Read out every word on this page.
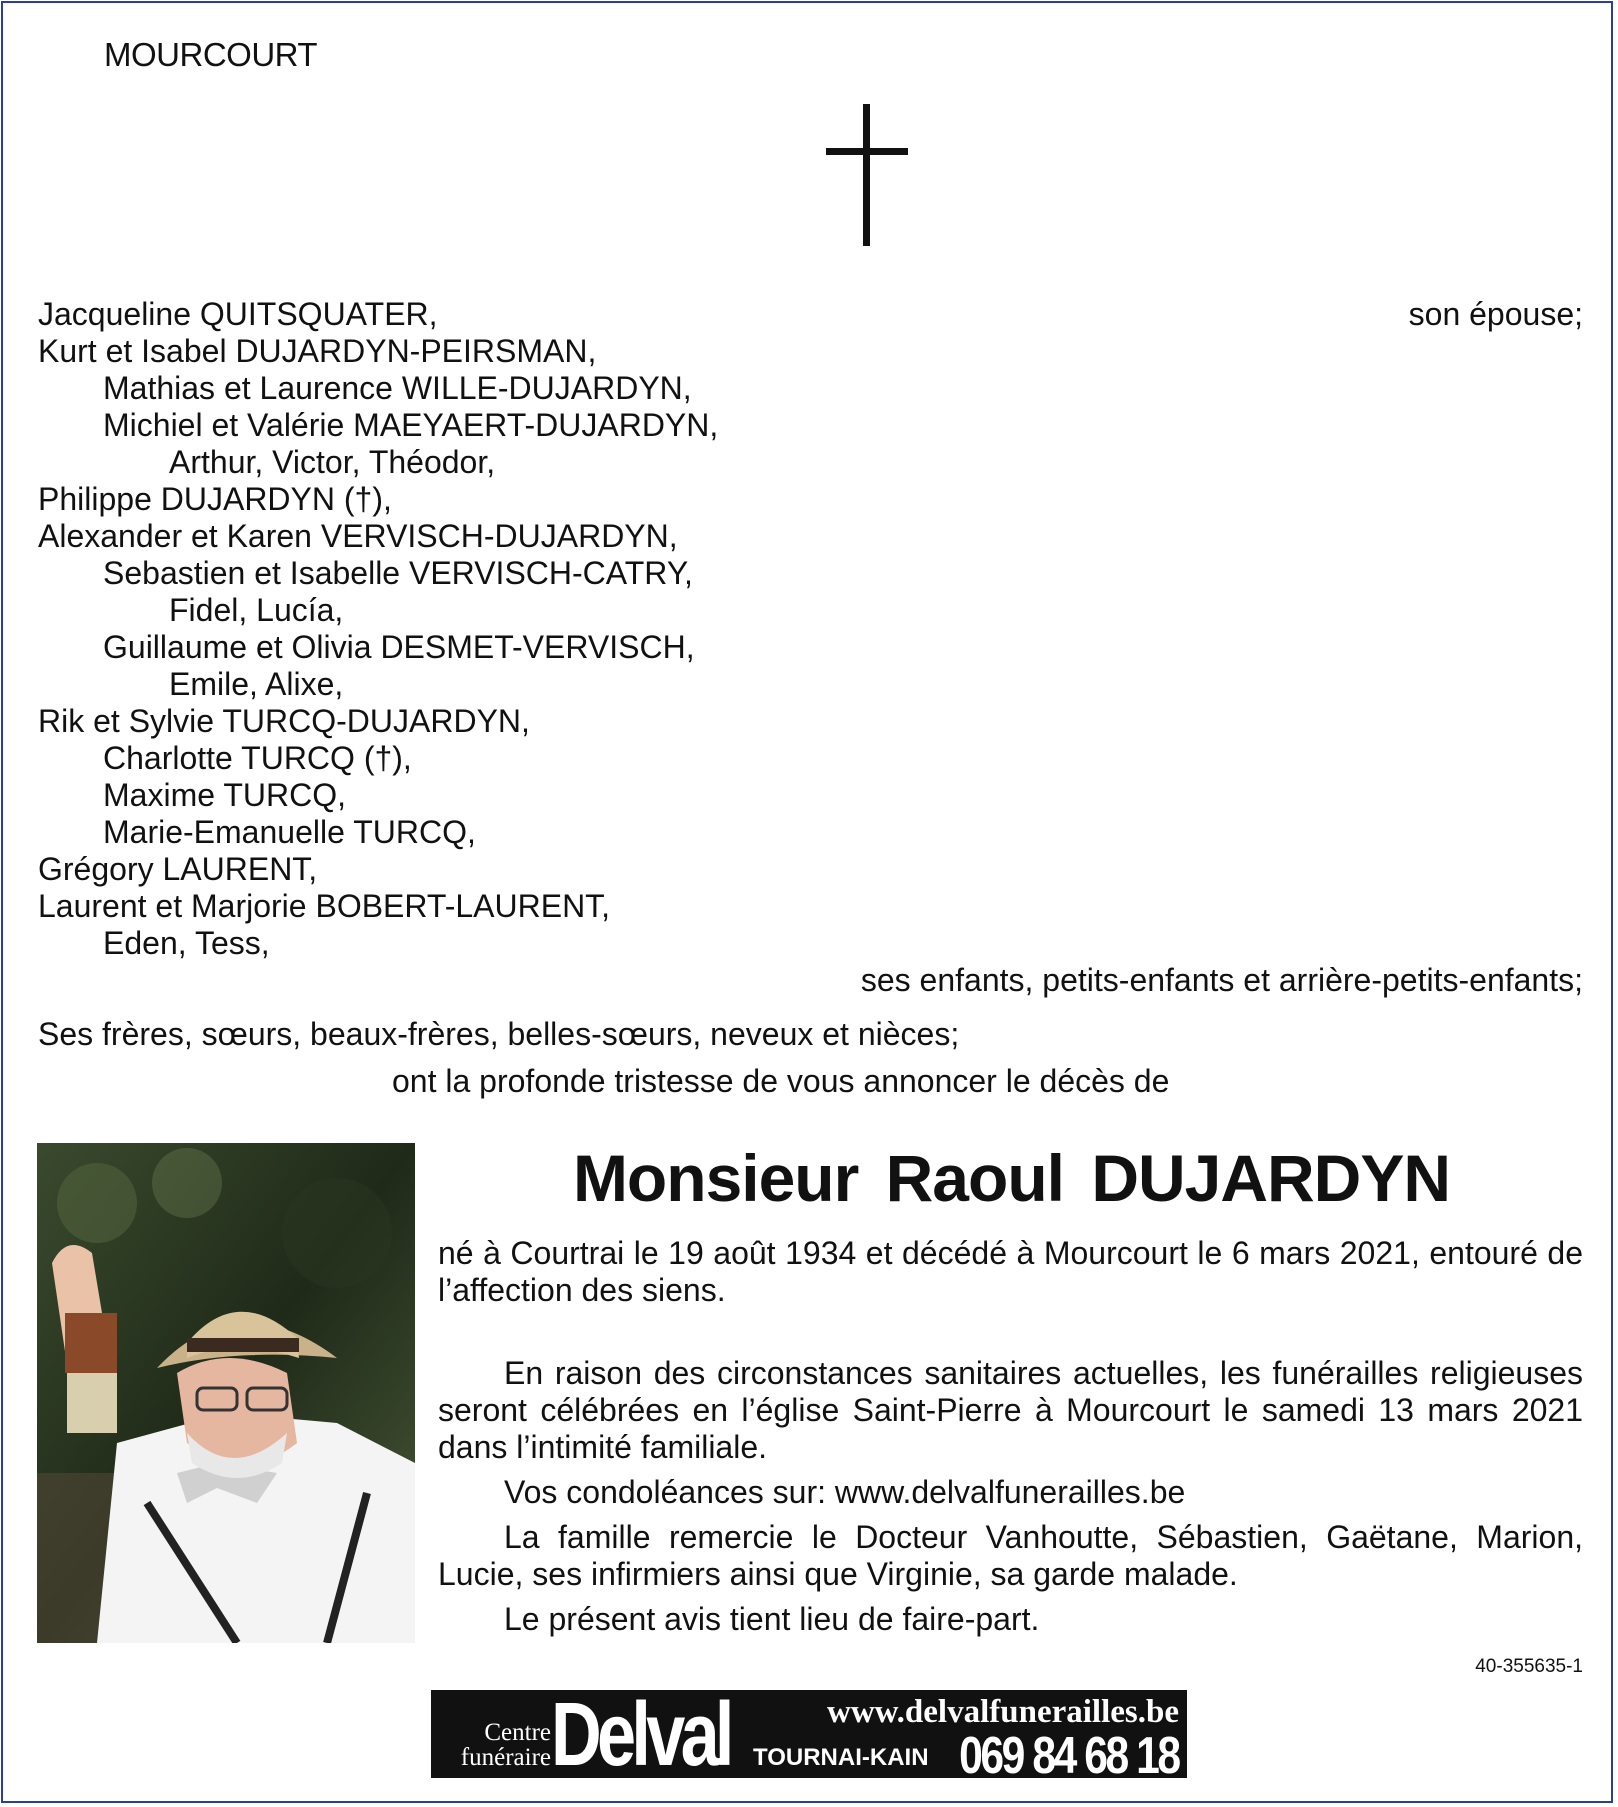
MOURCOURT
Jacqueline QUITSQUATER,	son épouse;
Kurt et Isabel DUJARDYN-PEIRSMAN,
Mathias et Laurence WILLE-DUJARDYN,
Michiel et Valérie MAEYAERT-DUJARDYN,
Arthur, Victor, Théodor,
Philippe DUJARDYN (†),
Alexander et Karen VERVISCH-DUJARDYN,
Sebastien et Isabelle VERVISCH-CATRY,
Fidel, Lucía,
Guillaume et Olivia DESMET-VERVISCH,
Emile, Alixe,
Rik et Sylvie TURCQ-DUJARDYN,
Charlotte TURCQ (†),
Maxime TURCQ,
Marie-Emanuelle TURCQ,
Grégory LAURENT,
Laurent et Marjorie BOBERT-LAURENT,
Eden, Tess,
ses enfants, petits-enfants et arrière-petits-enfants;
Ses frères, sœurs, beaux-frères, belles-sœurs, neveux et nièces;
ont la profonde tristesse de vous annoncer le décès de
Monsieur Raoul DUJARDYN

né à Courtrai le 19 août 1934 et décédé à Mourcourt le 6 mars 2021, entouré de l’affection des siens.

En raison des circonstances sanitaires actuelles, les funérailles religieuses seront célébrées en l’église Saint-Pierre à Mourcourt le samedi 13 mars 2021 dans l’intimité familiale.

Vos condoléances sur: www.delvalfunerailles.be

La famille remercie le Docteur Vanhoutte, Sébastien, Gaëtane, Marion, Lucie, ses infirmiers ainsi que Virginie, sa garde malade.

Le présent avis tient lieu de faire-part.

40-355635-1
Centre
funéraire Delval	www.delvalfunerailles.be
TOURNAI-KAIN 069 84 68 18
